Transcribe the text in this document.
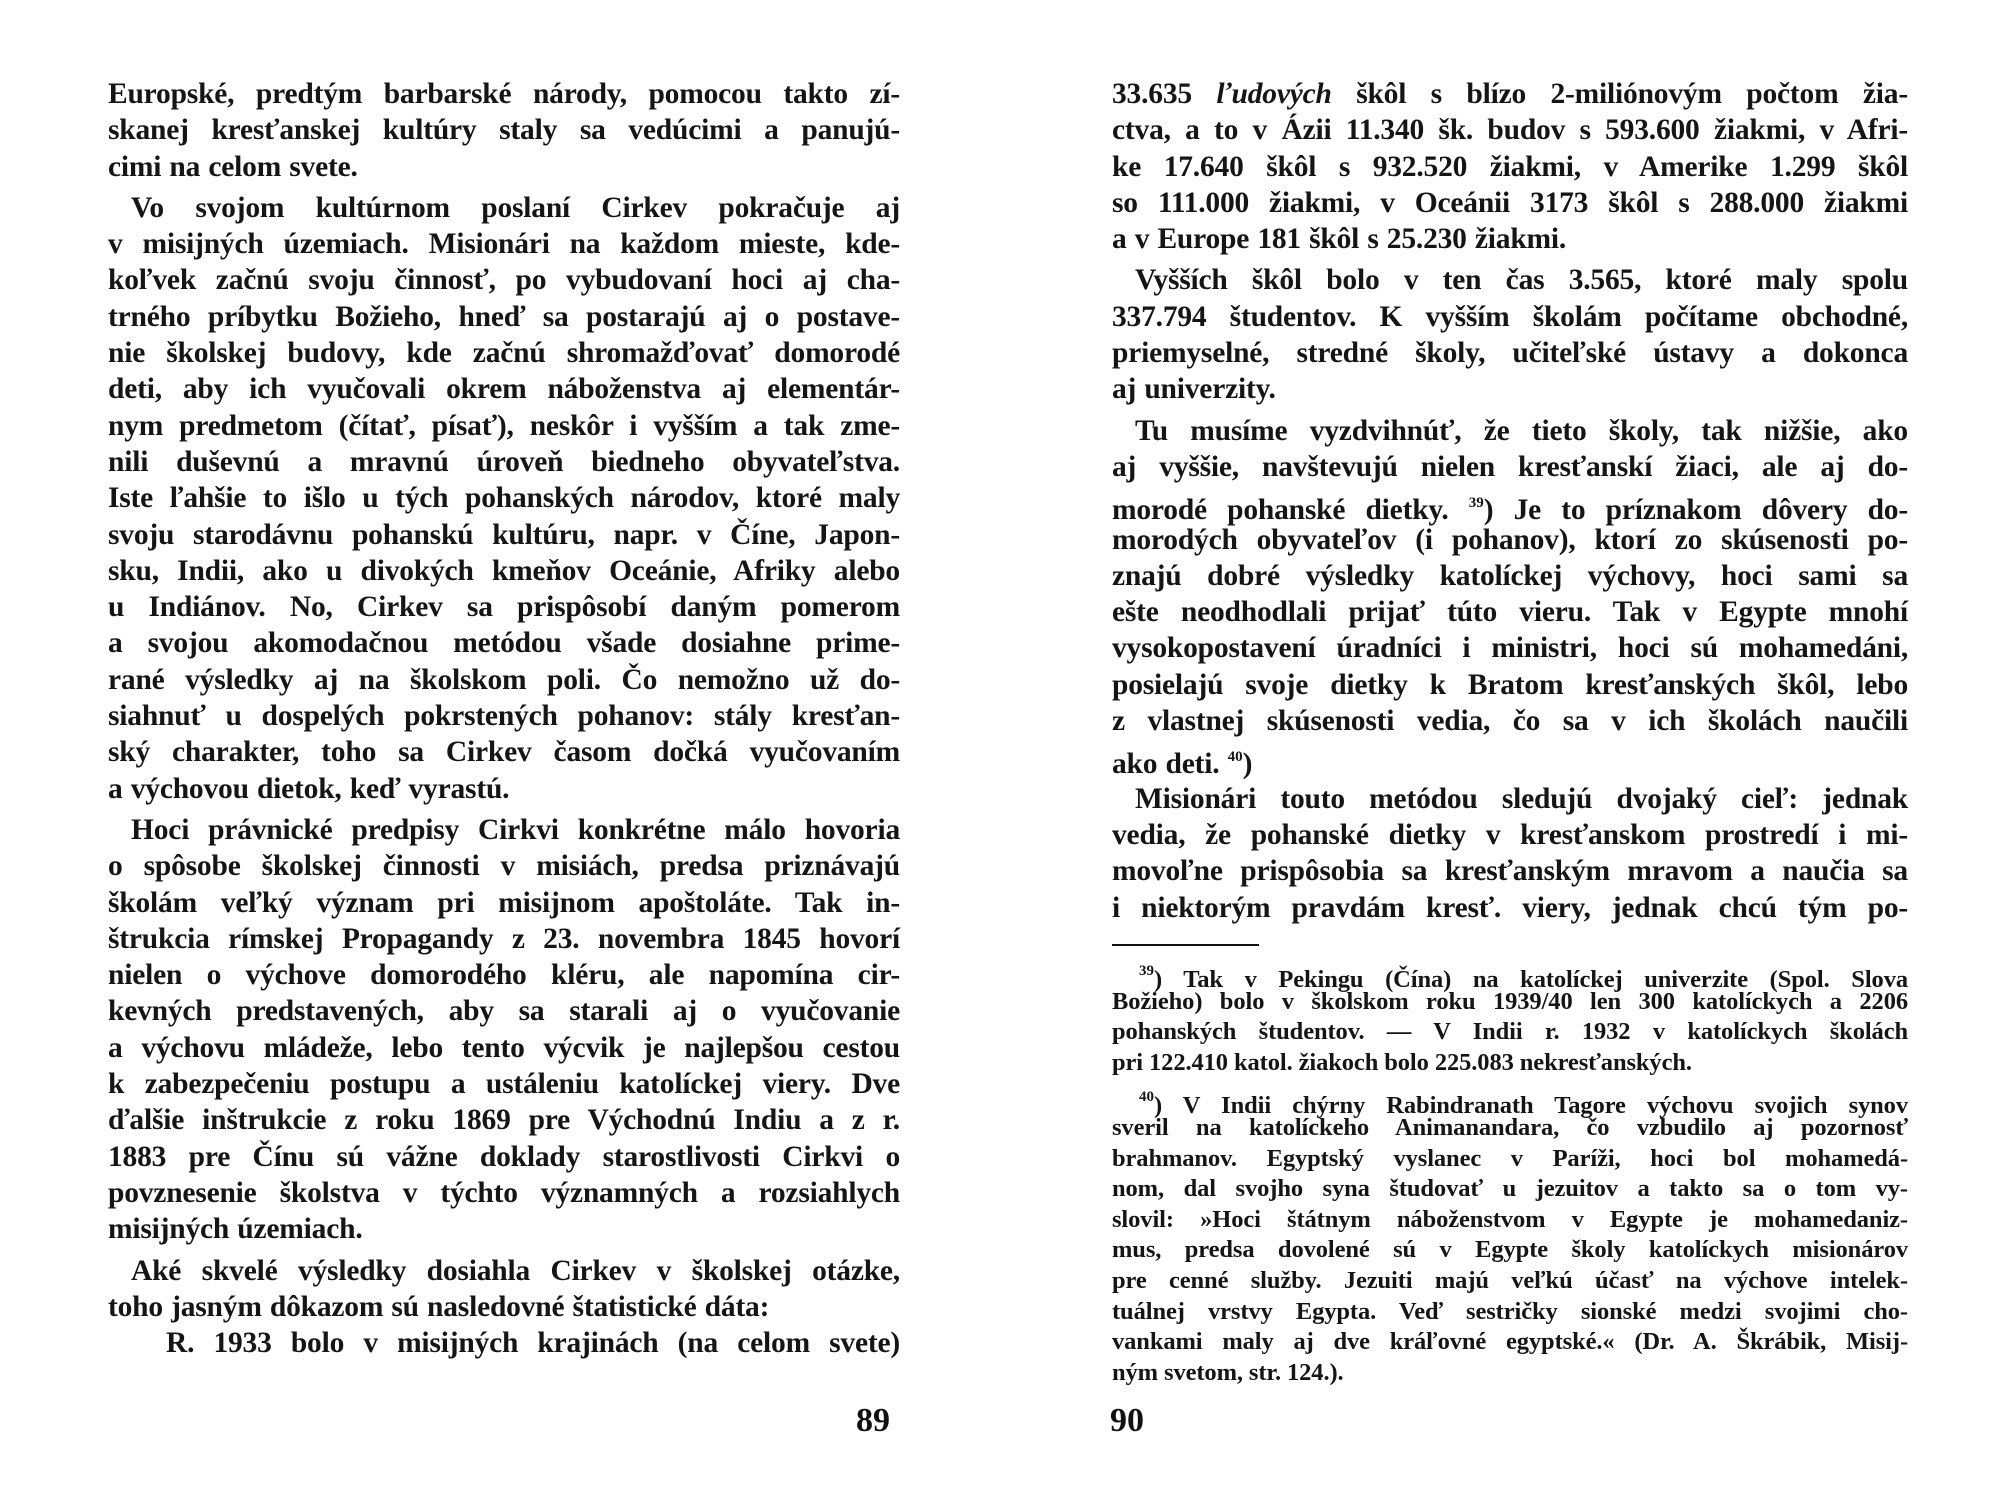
Europské, predtým barbarské národy, pomocou takto zí-
skanej kresťanskej kultúry staly sa vedúcimi a panujú-
cimi na celom svete.
Vo svojom kultúrnom poslaní Cirkev pokračuje aj
v misijných územiach. Misionári na každom mieste, kde-
koľvek začnú svoju činnosť, po vybudovaní hoci aj cha-
trného príbytku Božieho, hneď sa postarajú aj o postave-
nie školskej budovy, kde začnú shromažďovať domorodé
deti, aby ich vyučovali okrem náboženstva aj elementár-
nym predmetom (čítať, písať), neskôr i vyšším a tak zme-
nili duševnú a mravnú úroveň biedneho obyvateľstva.
Iste ľahšie to išlo u tých pohanských národov, ktoré maly
svoju starodávnu pohanskú kultúru, napr. v Číne, Japon-
sku, Indii, ako u divokých kmeňov Oceánie, Afriky alebo
u Indiánov. No, Cirkev sa prispôsobí daným pomerom
a svojou akomodačnou metódou všade dosiahne prime-
rané výsledky aj na školskom poli. Čo nemožno už do-
siahnuť u dospelých pokrstených pohanov: stály kresťan-
ský charakter, toho sa Cirkev časom dočká vyučovaním
a výchovou dietok, keď vyrastú.
Hoci právnické predpisy Cirkvi konkrétne málo hovoria
o spôsobe školskej činnosti v misiách, predsa priznávajú
školám veľký význam pri misijnom apoštoláte. Tak in-
štrukcia rímskej Propagandy z 23. novembra 1845 hovorí
nielen o výchove domorodého kléru, ale napomína cir-
kevných predstavených, aby sa starali aj o vyučovanie
a výchovu mládeže, lebo tento výcvik je najlepšou cestou
k zabezpečeniu postupu a ustáleniu katolíckej viery. Dve
ďalšie inštrukcie z roku 1869 pre Východnú Indiu a z r.
1883 pre Čínu sú vážne doklady starostlivosti Cirkvi o
povznesenie školstva v týchto významných a rozsiahlych
misijných územiach.
Aké skvelé výsledky dosiahla Cirkev v školskej otázke,
toho jasným dôkazom sú nasledovné štatistické dáta:
R. 1933 bolo v misijných krajinách (na celom svete)
89
33.635 ľudových škôl s blízo 2-miliónovým počtom žia-
ctva, a to v Ázii 11.340 šk. budov s 593.600 žiakmi, v Afri-
ke 17.640 škôl s 932.520 žiakmi, v Amerike 1.299 škôl
so 111.000 žiakmi, v Oceánii 3173 škôl s 288.000 žiakmi
a v Europe 181 škôl s 25.230 žiakmi.
Vyšších škôl bolo v ten čas 3.565, ktoré maly spolu
337.794 študentov. K vyšším školám počítame obchodné,
priemyselné, stredné školy, učiteľské ústavy a dokonca
aj univerzity.
Tu musíme vyzdvihnúť, že tieto školy, tak nižšie, ako
aj vyššie, navštevujú nielen kresťanskí žiaci, ale aj do-
morodé pohanské dietky. $^{39}$) Je to príznakom dôvery do-
morodých obyvateľov (i pohanov), ktorí zo skúsenosti po-
znajú dobré výsledky katolíckej výchovy, hoci sami sa
ešte neodhodlali prijať túto vieru. Tak v Egypte mnohí
vysokopostavení úradníci i ministri, hoci sú mohamedáni,
posielajú svoje dietky k Bratom kresťanských škôl, lebo
z vlastnej skúsenosti vedia, čo sa v ich školách naučili
ako deti. $^{40}$)
Misionári touto metódou sledujú dvojaký cieľ: jednak
vedia, že pohanské dietky v kresťanskom prostredí i mi-
movoľne prispôsobia sa kresťanským mravom a naučia sa
i niektorým pravdám kresť. viery, jednak chcú tým po-
$^{39}$) Tak v Pekingu (Čína) na katolíckej univerzite (Spol. Slova
Božieho) bolo v školskom roku 1939/40 len 300 katolíckych a 2206
pohanských študentov. — V Indii r. 1932 v katolíckych školách
pri 122.410 katol. žiakoch bolo 225.083 nekresťanských.
$^{40}$) V Indii chýrny Rabindranath Tagore výchovu svojich synov
sveril na katolíckeho Animanandara, čo vzbudilo aj pozornosť
brahmanov. Egyptský vyslanec v Paríži, hoci bol mohamedá-
nom, dal svojho syna študovať u jezuitov a takto sa o tom vy-
slovil: »Hoci štátnym náboženstvom v Egypte je mohamedaniz-
mus, predsa dovolené sú v Egypte školy katolíckych misionárov
pre cenné služby. Jezuiti majú veľkú účasť na výchove intelek-
tuálnej vrstvy Egypta. Veď sestričky sionské medzi svojimi cho-
vankami maly aj dve kráľovné egyptské.« (Dr. A. Škrábik, Misij-
ným svetom, str. 124.).
90
